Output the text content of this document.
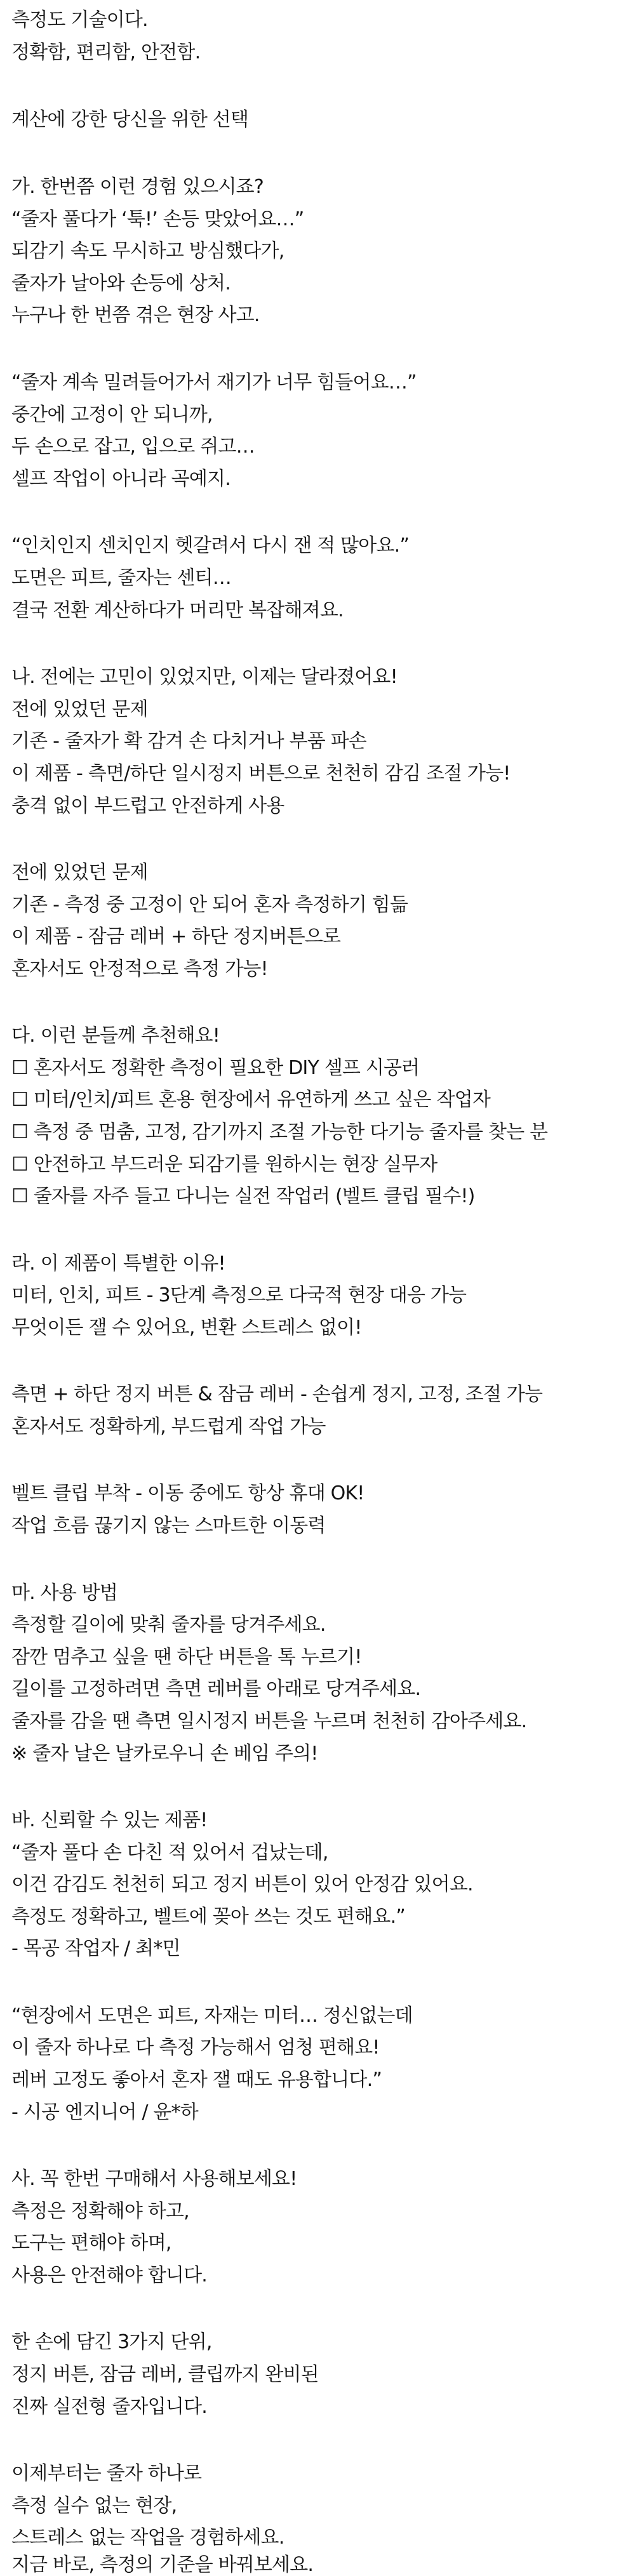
측정도 기술이다.

정확함, 편리함, 안전함.

계산에 강한 당신을 위한 선택

가. 한번쯤 이런 경험 있으시죠?

“줄자 풀다가 ‘툭!’ 손등 맞았어요…”

되감기 속도 무시하고 방심했다가,

줄자가 날아와 손등에 상처.

누구나 한 번쯤 겪은 현장 사고.

“줄자 계속 밀려들어가서 재기가 너무 힘들어요…”

중간에 고정이 안 되니까,

두 손으로 잡고, 입으로 쥐고…

셀프 작업이 아니라 곡예지.

“인치인지 센치인지 헷갈려서 다시 잰 적 많아요.”

도면은 피트, 줄자는 센티…

결국 전환 계산하다가 머리만 복잡해져요.

나. 전에는 고민이 있었지만, 이제는 달라졌어요!

전에 있었던 문제

기존 - 줄자가 확 감겨 손 다치거나 부품 파손

이 제품 - 측면/하단 일시정지 버튼으로 천천히 감김 조절 가능!

충격 없이 부드럽고 안전하게 사용

전에 있었던 문제

기존 - 측정 중 고정이 안 되어 혼자 측정하기 힘듦

이 제품 - 잠금 레버 + 하단 정지버튼으로

혼자서도 안정적으로 측정 가능!

다. 이런 분들께 추천해요!

☐ 혼자서도 정확한 측정이 필요한 DIY 셀프 시공러

☐ 미터/인치/피트 혼용 현장에서 유연하게 쓰고 싶은 작업자

☐ 측정 중 멈춤, 고정, 감기까지 조절 가능한 다기능 줄자를 찾는 분

☐ 안전하고 부드러운 되감기를 원하시는 현장 실무자

☐ 줄자를 자주 들고 다니는 실전 작업러 (벨트 클립 필수!)

라. 이 제품이 특별한 이유!

미터, 인치, 피트 - 3단계 측정으로 다국적 현장 대응 가능

무엇이든 잴 수 있어요, 변환 스트레스 없이!

측면 + 하단 정지 버튼 & 잠금 레버 - 손쉽게 정지, 고정, 조절 가능

혼자서도 정확하게, 부드럽게 작업 가능

벨트 클립 부착 - 이동 중에도 항상 휴대 OK!

작업 흐름 끊기지 않는 스마트한 이동력

마. 사용 방법

측정할 길이에 맞춰 줄자를 당겨주세요.

잠깐 멈추고 싶을 땐 하단 버튼을 톡 누르기!

길이를 고정하려면 측면 레버를 아래로 당겨주세요.

줄자를 감을 땐 측면 일시정지 버튼을 누르며 천천히 감아주세요.

※ 줄자 날은 날카로우니 손 베임 주의!

바. 신뢰할 수 있는 제품!

“줄자 풀다 손 다친 적 있어서 겁났는데,

이건 감김도 천천히 되고 정지 버튼이 있어 안정감 있어요.

측정도 정확하고, 벨트에 꽂아 쓰는 것도 편해요.”

- 목공 작업자 / 최*민

“현장에서 도면은 피트, 자재는 미터… 정신없는데

이 줄자 하나로 다 측정 가능해서 엄청 편해요!

레버 고정도 좋아서 혼자 잴 때도 유용합니다.”

- 시공 엔지니어 / 윤*하

사. 꼭 한번 구매해서 사용해보세요!

측정은 정확해야 하고,

도구는 편해야 하며,

사용은 안전해야 합니다.

한 손에 담긴 3가지 단위,

정지 버튼, 잠금 레버, 클립까지 완비된

진짜 실전형 줄자입니다.

이제부터는 줄자 하나로

측정 실수 없는 현장,

스트레스 없는 작업을 경험하세요.

지금 바로, 측정의 기준을 바꿔보세요.
